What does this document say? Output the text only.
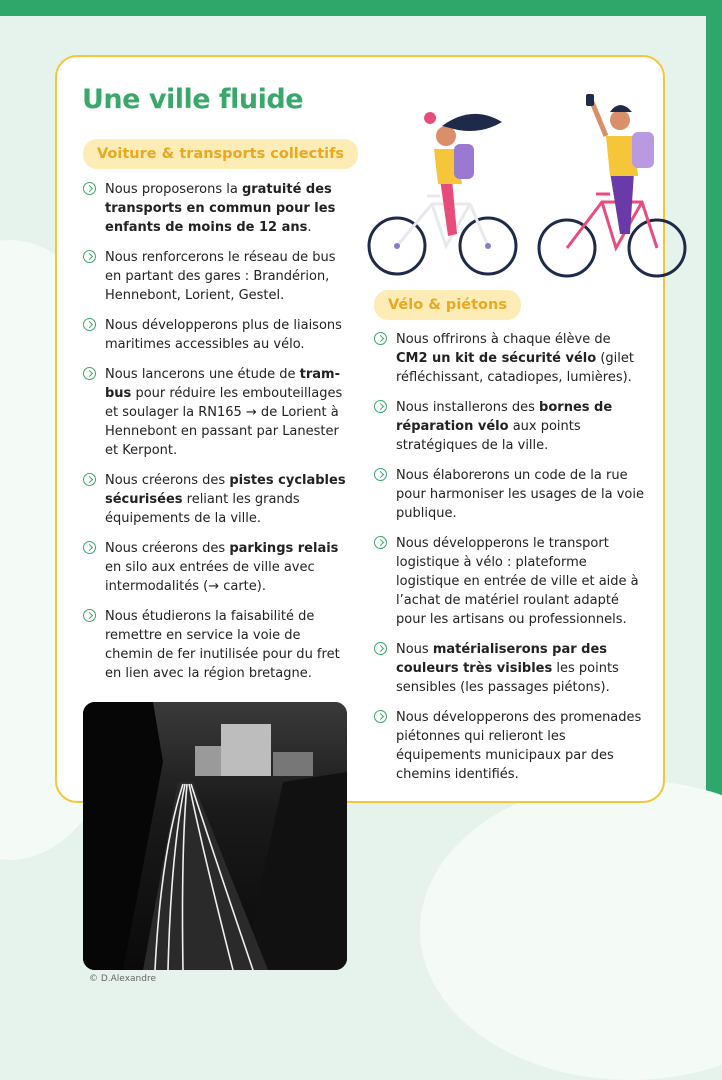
Une ville fluide
Voiture & transports collectifs
Nous proposerons la gratuité des transports en commun pour les enfants de moins de 12 ans.
Nous renforcerons le réseau de bus en partant des gares : Brandérion, Hennebont, Lorient, Gestel.
Nous développerons plus de liaisons maritimes accessibles au vélo.
Nous lancerons une étude de tram-bus pour réduire les embouteillages et soulager la RN165 → de Lorient à Hennebont en passant par Lanester et Kerpont.
Nous créerons des pistes cyclables sécurisées reliant les grands équipements de la ville.
Nous créerons des parkings relais en silo aux entrées de ville avec intermodalités (→ carte).
Nous étudierons la faisabilité de remettre en service la voie de chemin de fer inutilisée pour du fret en lien avec la région bretagne.
Vélo & piétons
Nous offrirons à chaque élève de CM2 un kit de sécurité vélo (gilet réfléchissant, catadiopes, lumières).
Nous installerons des bornes de réparation vélo aux points stratégiques de la ville.
Nous élaborerons un code de la rue pour harmoniser les usages de la voie publique.
Nous développerons le transport logistique à vélo : plateforme logistique en entrée de ville et aide à l’achat de matériel roulant adapté pour les artisans ou professionnels.
Nous matérialiserons par des couleurs très visibles les points sensibles (les passages piétons).
Nous développerons des promenades piétonnes qui relieront les équipements municipaux par des chemins identifiés.
© D.Alexandre
